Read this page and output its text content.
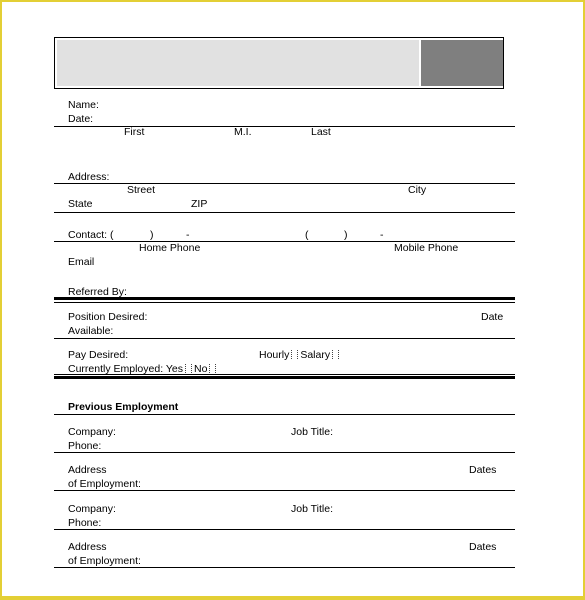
Name:
Date:
First	M.I.	Last
Address:
Street	City
State	ZIP
Contact: (	)	-	(	)	-
Home Phone	Mobile Phone
Email
Referred By:
Position Desired:	Date
Available:
Pay Desired:	Hourly Salary
Currently Employed: Yes No
Previous Employment
Company:	Job Title:
Phone:
Address	Dates
of Employment:
Company:	Job Title:
Phone:
Address	Dates
of Employment:
